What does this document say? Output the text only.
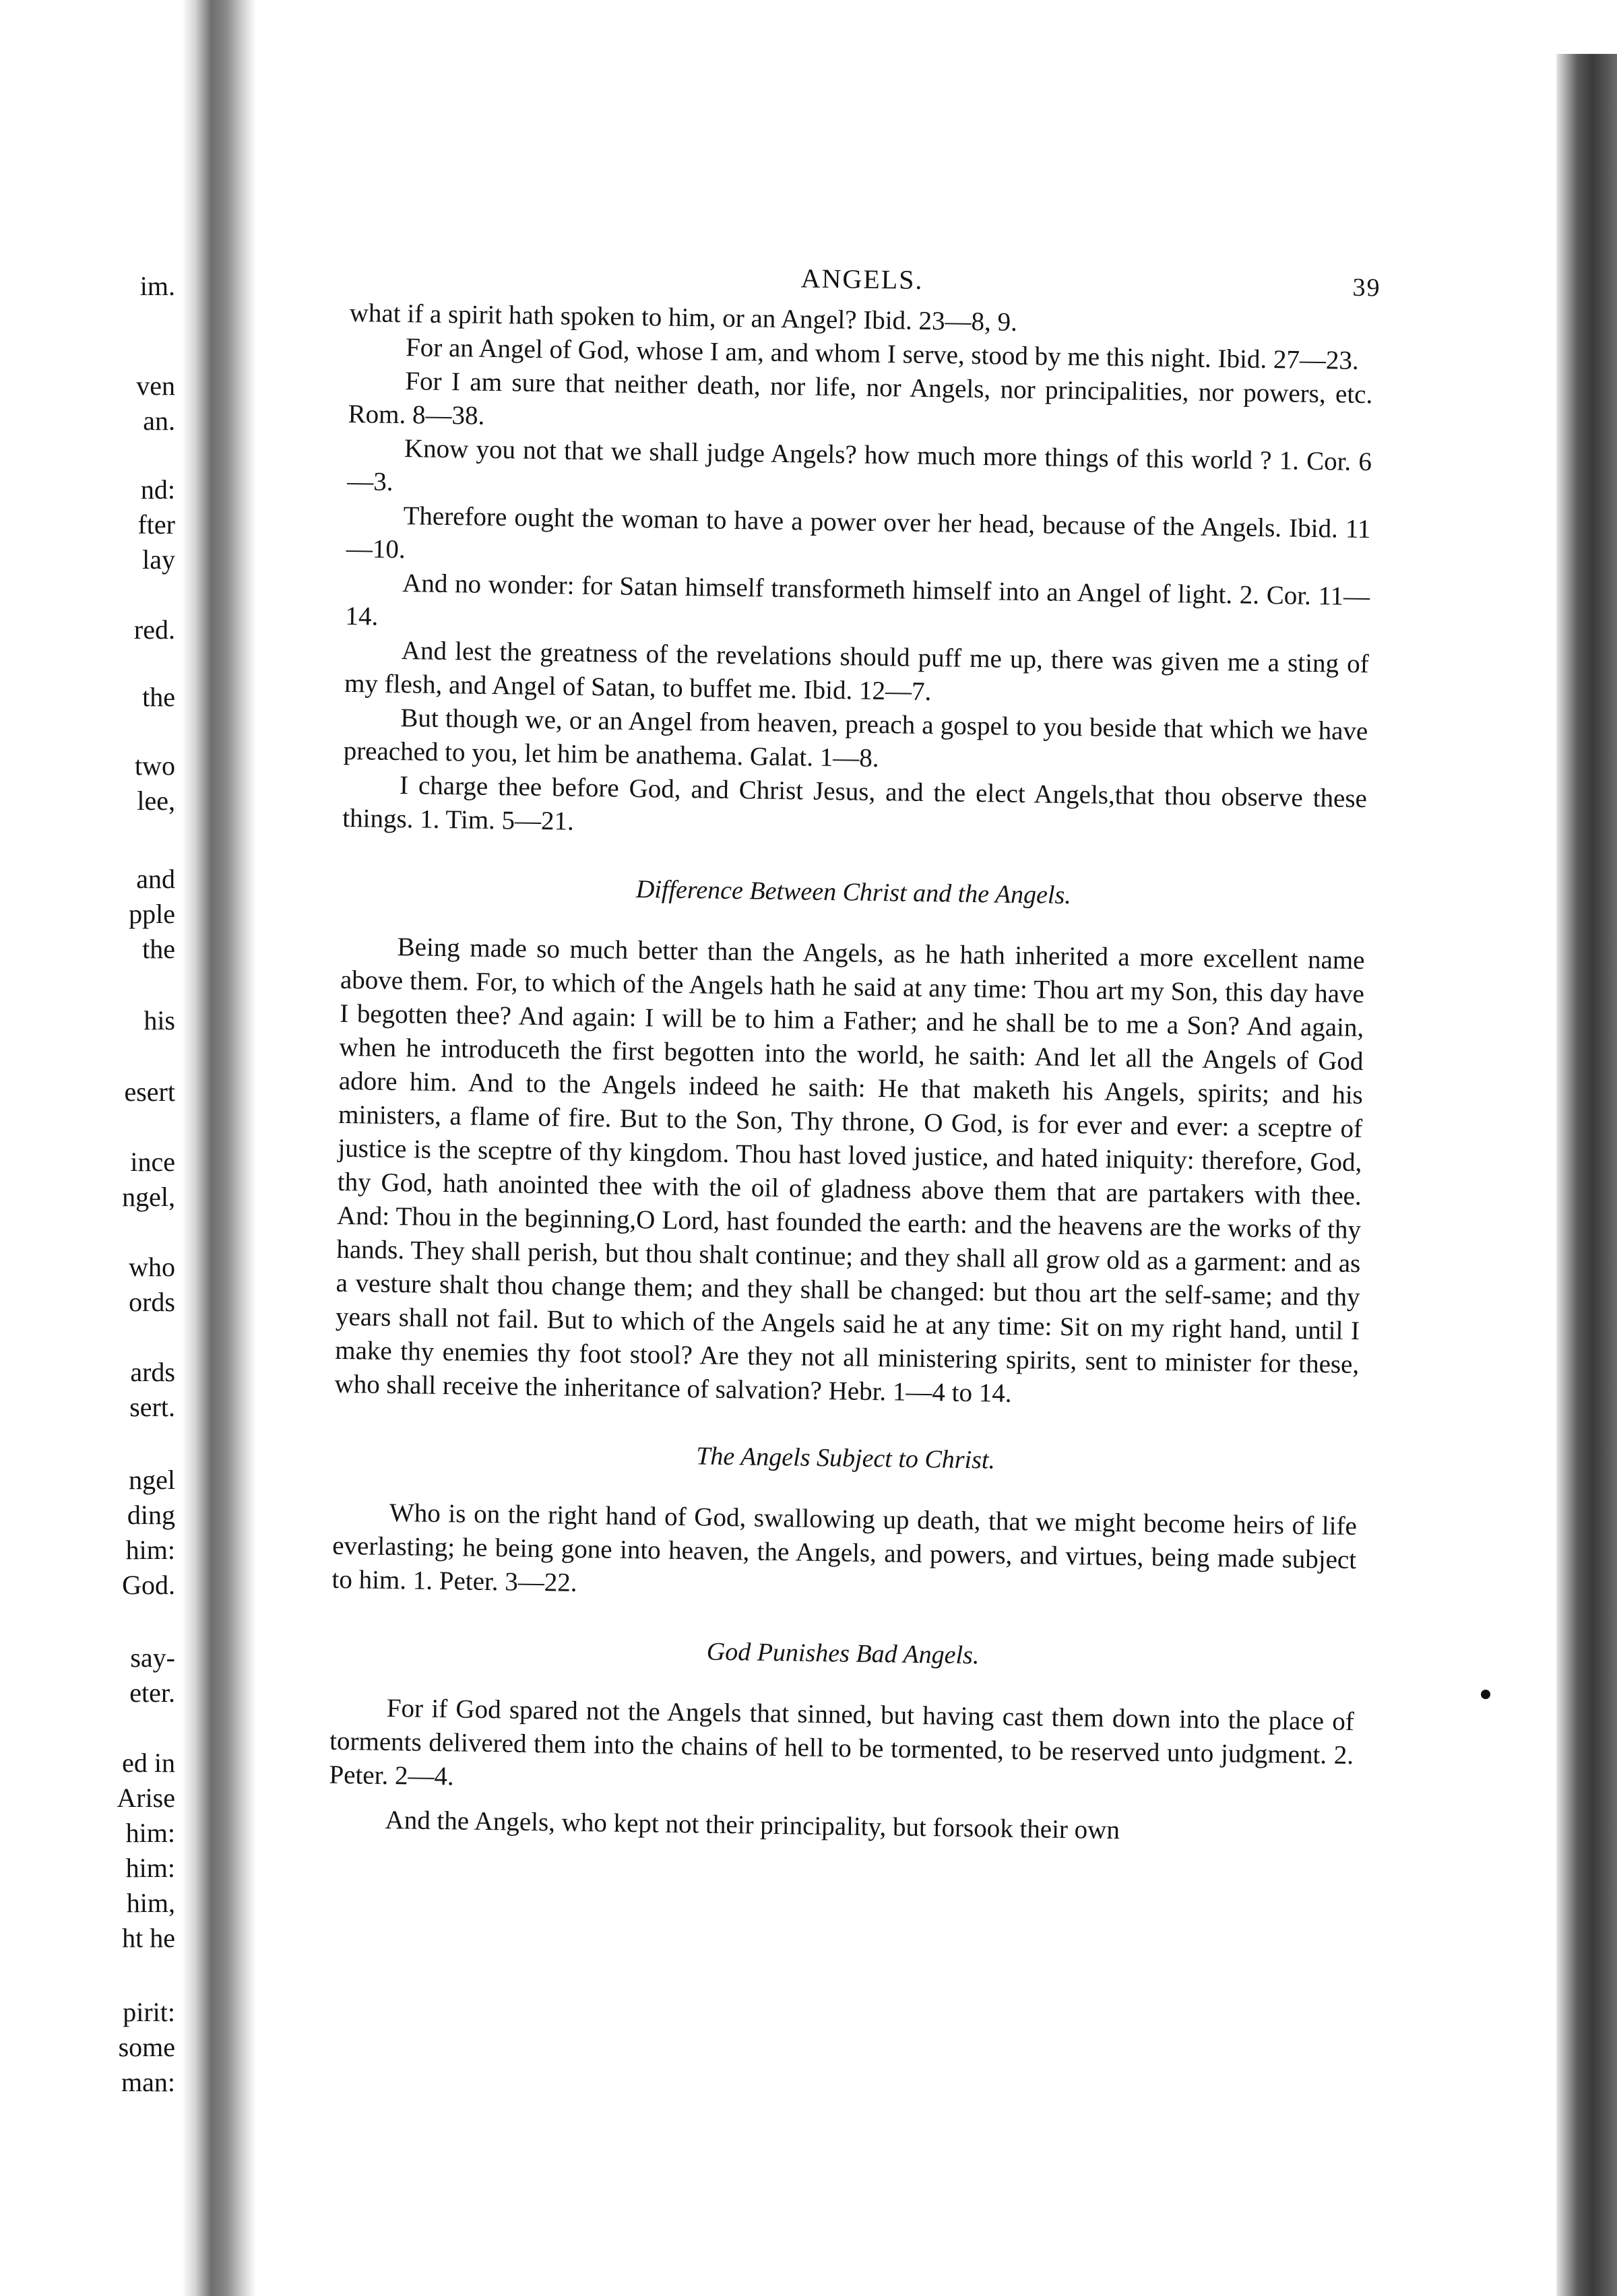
im.
ven
an.
nd:
fter
lay
red.
the
two
lee,
and
pple
the
his
esert
ince
ngel,
who
ords
ards
sert.
ngel
ding
him:
God.
say-
eter.
ed in
Arise
him:
him:
him,
ht he
pirit:
some
man:
ANGELS.	39

what if a spirit hath spoken to him, or an Angel? Ibid. 23—8, 9.

For an Angel of God, whose I am, and whom I serve, stood by me this night. Ibid. 27—23.

For I am sure that neither death, nor life, nor Angels, nor principalities, nor powers, etc. Rom. 8—38.

Know you not that we shall judge Angels? how much more things of this world ? 1. Cor. 6—3.

Therefore ought the woman to have a power over her head, because of the Angels. Ibid. 11—10.

And no wonder: for Satan himself transformeth himself into an Angel of light. 2. Cor. 11—14.

And lest the greatness of the revelations should puff me up, there was given me a sting of my flesh, and Angel of Satan, to buffet me. Ibid. 12—7.

But though we, or an Angel from heaven, preach a gospel to you beside that which we have preached to you, let him be anathema. Galat. 1—8.

I charge thee before God, and Christ Jesus, and the elect Angels,that thou observe these things. 1. Tim. 5—21.

Difference Between Christ and the Angels.

Being made so much better than the Angels, as he hath inherited a more excellent name above them. For, to which of the Angels hath he said at any time: Thou art my Son, this day have I begotten thee? And again: I will be to him a Father; and he shall be to me a Son? And again, when he introduceth the first begotten into the world, he saith: And let all the Angels of God adore him. And to the Angels indeed he saith: He that maketh his Angels, spirits; and his ministers, a flame of fire. But to the Son, Thy throne, O God, is for ever and ever: a sceptre of justice is the sceptre of thy kingdom. Thou hast loved justice, and hated iniquity: therefore, God, thy God, hath anointed thee with the oil of gladness above them that are partakers with thee. And: Thou in the beginning,O Lord, hast founded the earth: and the heavens are the works of thy hands. They shall perish, but thou shalt continue; and they shall all grow old as a garment: and as a vesture shalt thou change them; and they shall be changed: but thou art the self-same; and thy years shall not fail. But to which of the Angels said he at any time: Sit on my right hand, until I make thy enemies thy foot stool? Are they not all ministering spirits, sent to minister for these, who shall receive the inheritance of salvation? Hebr. 1—4 to 14.

The Angels Subject to Christ.

Who is on the right hand of God, swallowing up death, that we might become heirs of life everlasting; he being gone into heaven, the Angels, and powers, and virtues, being made subject to him. 1. Peter. 3—22.

God Punishes Bad Angels.

For if God spared not the Angels that sinned, but having cast them down into the place of torments delivered them into the chains of hell to be tormented, to be reserved unto judgment. 2. Peter. 2—4.

And the Angels, who kept not their principality, but forsook their own
